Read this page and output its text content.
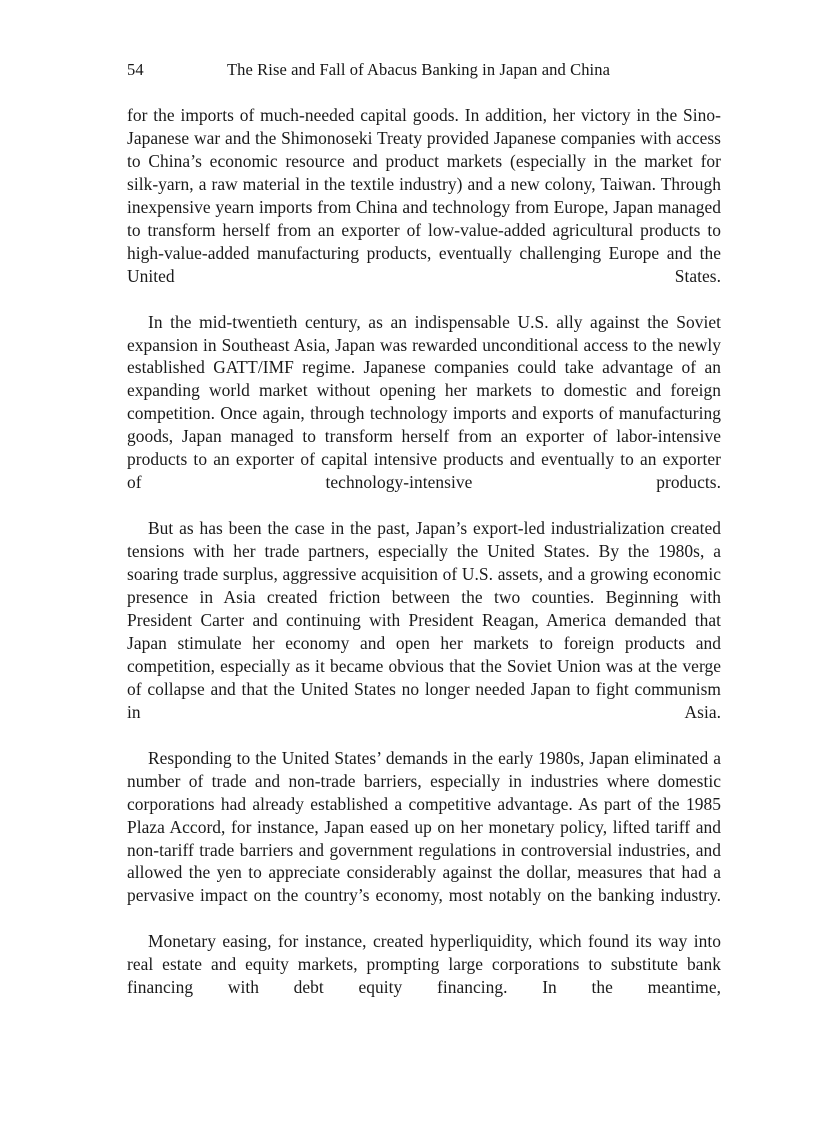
54	The Rise and Fall of Abacus Banking in Japan and China

for the imports of much-needed capital goods. In addition, her victory in the Sino-Japanese war and the Shimonoseki Treaty provided Japanese companies with access to China’s economic resource and product markets (especially in the market for silk-yarn, a raw material in the textile industry) and a new colony, Taiwan. Through inexpensive yearn imports from China and technology from Europe, Japan managed to transform herself from an exporter of low-value-added agricultural products to high-value-added manufacturing products, eventually challenging Europe and the United States.

In the mid-twentieth century, as an indispensable U.S. ally against the Soviet expansion in Southeast Asia, Japan was rewarded unconditional access to the newly established GATT/IMF regime. Japanese companies could take advantage of an expanding world market without opening her markets to domestic and foreign competition. Once again, through technology imports and exports of manufacturing goods, Japan managed to transform herself from an exporter of labor-intensive products to an exporter of capital intensive products and eventually to an exporter of technology-intensive products.

But as has been the case in the past, Japan’s export-led industrialization created tensions with her trade partners, especially the United States. By the 1980s, a soaring trade surplus, aggressive acquisition of U.S. assets, and a growing economic presence in Asia created friction between the two counties. Beginning with President Carter and continuing with President Reagan, America demanded that Japan stimulate her economy and open her markets to foreign products and competition, especially as it became obvious that the Soviet Union was at the verge of collapse and that the United States no longer needed Japan to fight communism in Asia.

Responding to the United States’ demands in the early 1980s, Japan eliminated a number of trade and non-trade barriers, especially in industries where domestic corporations had already established a competitive advantage. As part of the 1985 Plaza Accord, for instance, Japan eased up on her monetary policy, lifted tariff and non-tariff trade barriers and government regulations in controversial industries, and allowed the yen to appreciate considerably against the dollar, measures that had a pervasive impact on the country’s economy, most notably on the banking industry.

Monetary easing, for instance, created hyperliquidity, which found its way into real estate and equity markets, prompting large corporations to substitute bank financing with debt equity financing. In the meantime,
